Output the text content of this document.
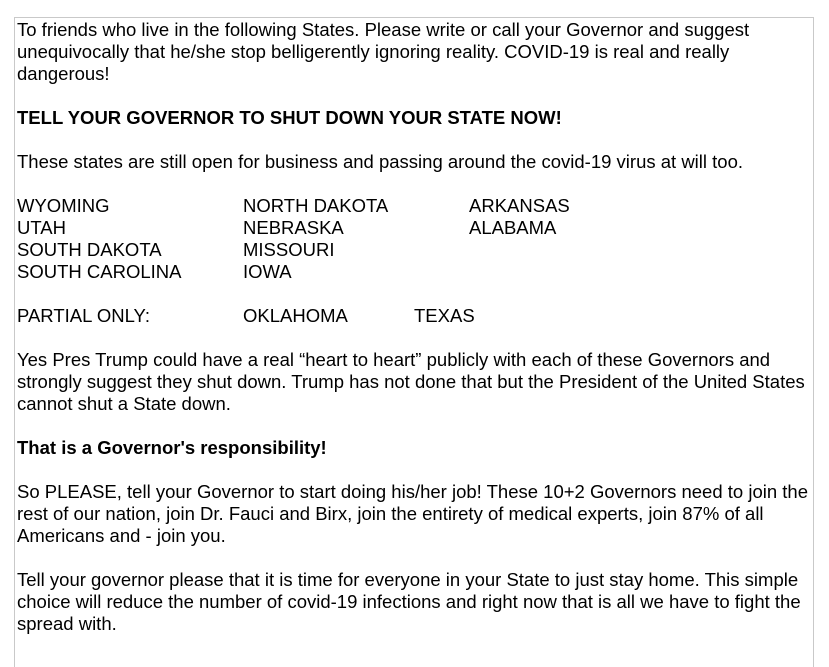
To friends who live in the following States. Please write or call your Governor and suggest unequivocally that he/she stop belligerently ignoring reality. COVID-19 is real and really dangerous!

TELL YOUR GOVERNOR TO SHUT DOWN YOUR STATE NOW!

These states are still open for business and passing around the covid-19 virus at will too.

WYOMING	NORTH DAKOTA	ARKANSAS
UTAH	NEBRASKA	ALABAMA
SOUTH DAKOTA	MISSOURI
SOUTH CAROLINA	IOWA
PARTIAL ONLY:	OKLAHOMA	TEXAS

Yes Pres Trump could have a real “heart to heart” publicly with each of these Governors and strongly suggest they shut down. Trump has not done that but the President of the United States cannot shut a State down.

That is a Governor's responsibility!

So PLEASE, tell your Governor to start doing his/her job! These 10+2 Governors need to join the rest of our nation, join Dr. Fauci and Birx, join the entirety of medical experts, join 87% of all Americans and - join you.

Tell your governor please that it is time for everyone in your State to just stay home. This simple choice will reduce the number of covid-19 infections and right now that is all we have to fight the spread with.
